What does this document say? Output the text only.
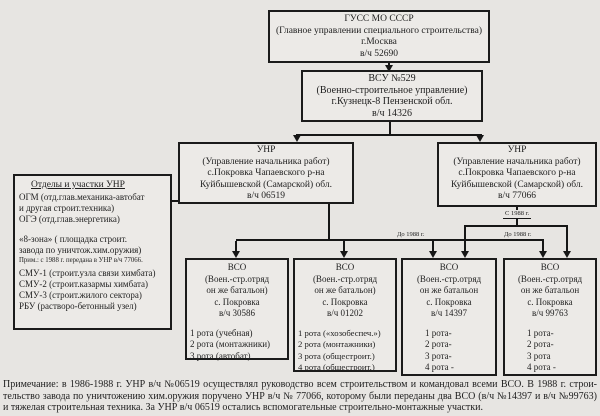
ГУСС МО СССР
(Главное управлении специального строительства)
г.Москва
в/ч 52690
ВСУ №529
(Военно-строительное управление)
г.Кузнецк-8 Пензенской обл.
в/ч 14326
УНР
(Управление начальника работ)
с.Покровка Чапаевского р-на
Куйбышевской (Самарской) обл.
в/ч 06519
УНР
(Управление начальника работ)
с.Покровка Чапаевского р-на
Куйбышевской (Самарской) обл.
в/ч 77066
Отделы и участки УНР
ОГМ (отд.глав.механика-автобат
и другая строит.техника)
ОГЭ (отд.глав.энергетика)
«8-зона» ( площадка строит.
завода по уничтож.хим.оружия)
Прим.: с 1988 г. передана в УНР в/ч 77066.
СМУ-1 (строит.узла связи химбата)
СМУ-2 (строит.казармы химбата)
СМУ-3 (строит.жилого сектора)
РБУ (растворо-бетонный узел)
До 1988 г.	До 1988 г.
С 1988 г.
ВСО
(Воен.-стр.отряд
он же батальон)
с. Покровка
в/ч 30586
1 рота (учебная)
2 рота (монтажники)
3 рота (автобат)
ВСО
(Воен.-стр.отряд
он же батальон)
с. Покровка
в/ч 01202
1 рота («хозобеспеч.»)
2 рота (монтажники)
3 рота (общестроит.)
4 рота (общестроит.)
ВСО
(Воен.-стр.отряд
он же батальон
с. Покровка
в/ч 14397
1 рота-
2 рота-
3 рота-
4 рота -
ВСО
(Воен.-стр.отряд
он же батальон
с. Покровка
в/ч 99763
1 рота-
2 рота-
3 рота
4 рота -
Примечание: в 1986-1988 г. УНР в/ч №06519 осуществлял руководство всем строительством и командовал всеми ВСО. В 1988 г. строи-
тельство завода по уничтожению хим.оружия поручено УНР в/ч № 77066, которому были переданы два ВСО (в/ч №14397 и в/ч №99763)
и тяжелая строительная техника. За УНР в/ч 06519 остались вспомогательные строительно-монтажные участки.
